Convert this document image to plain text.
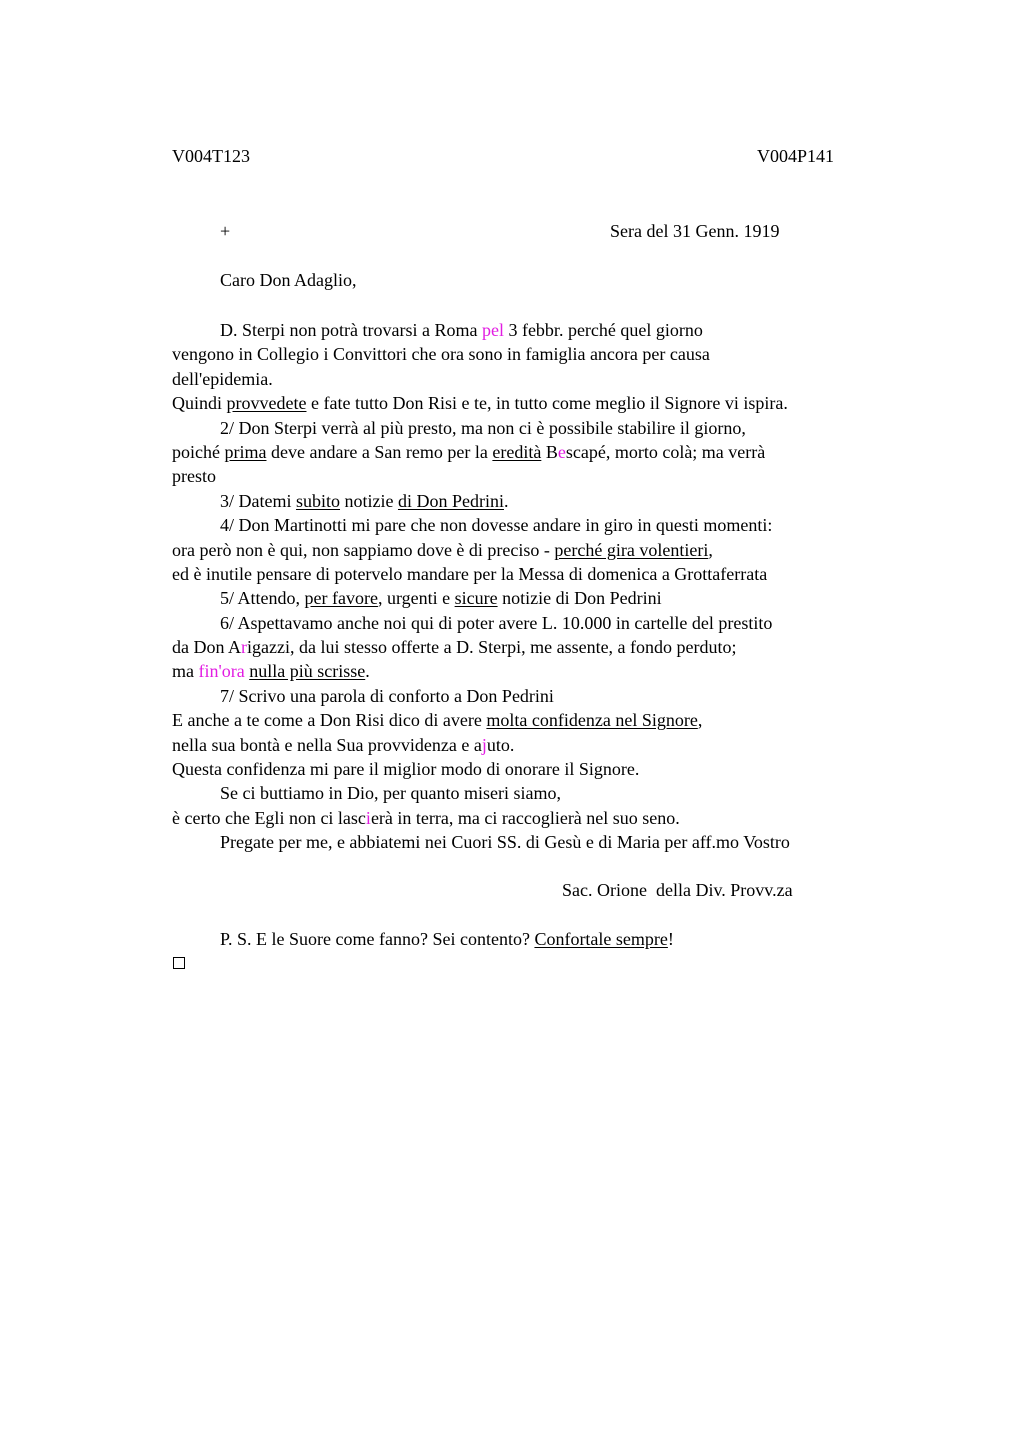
V004T123	V004P141
+	Sera del 31 Genn. 1919
Caro Don Adaglio,
D. Sterpi non potrà trovarsi a Roma pel 3 febbr. perché quel giorno
vengono in Collegio i Convittori che ora sono in famiglia ancora per causa
dell'epidemia.
Quindi provvedete e fate tutto Don Risi e te, in tutto come meglio il Signore vi ispira.
2/ Don Sterpi verrà al più presto, ma non ci è possibile stabilire il giorno,
poiché prima deve andare a San remo per la eredità Bescapé, morto colà; ma verrà
presto
3/ Datemi subito notizie di Don Pedrini.
4/ Don Martinotti mi pare che non dovesse andare in giro in questi momenti:
ora però non è qui, non sappiamo dove è di preciso - perché gira volentieri,
ed è inutile pensare di potervelo mandare per la Messa di domenica a Grottaferrata
5/ Attendo, per favore, urgenti e sicure notizie di Don Pedrini
6/ Aspettavamo anche noi qui di poter avere L. 10.000 in cartelle del prestito
da Don Arigazzi, da lui stesso offerte a D. Sterpi, me assente, a fondo perduto;
ma fin'ora nulla più scrisse.
7/ Scrivo una parola di conforto a Don Pedrini
E anche a te come a Don Risi dico di avere molta confidenza nel Signore,
nella sua bontà e nella Sua provvidenza e ajuto.
Questa confidenza mi pare il miglior modo di onorare il Signore.
Se ci buttiamo in Dio, per quanto miseri siamo,
è certo che Egli non ci lascierà in terra, ma ci raccoglierà nel suo seno.
Pregate per me, e abbiatemi nei Cuori SS. di Gesù e di Maria per aff.mo Vostro
Sac. Orione  della Div. Provv.za
P. S. E le Suore come fanno? Sei contento? Confortale sempre!
